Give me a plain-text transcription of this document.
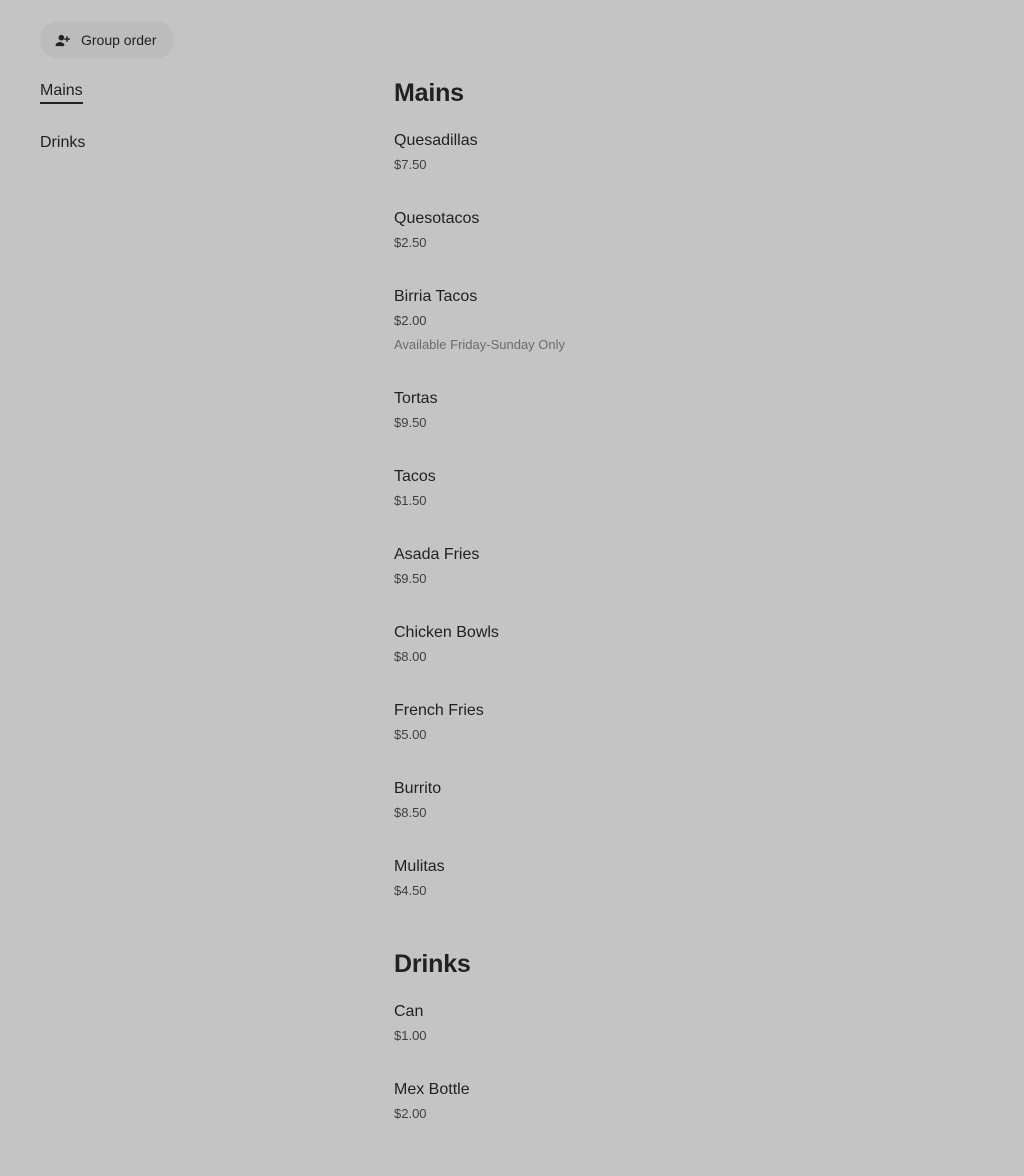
Group order
Mains
Drinks
Mains
Quesadillas
$7.50
Quesotacos
$2.50
Birria Tacos
$2.00
Available Friday-Sunday Only
Tortas
$9.50
Tacos
$1.50
Asada Fries
$9.50
Chicken Bowls
$8.00
French Fries
$5.00
Burrito
$8.50
Mulitas
$4.50
Drinks
Can
$1.00
Mex Bottle
$2.00
